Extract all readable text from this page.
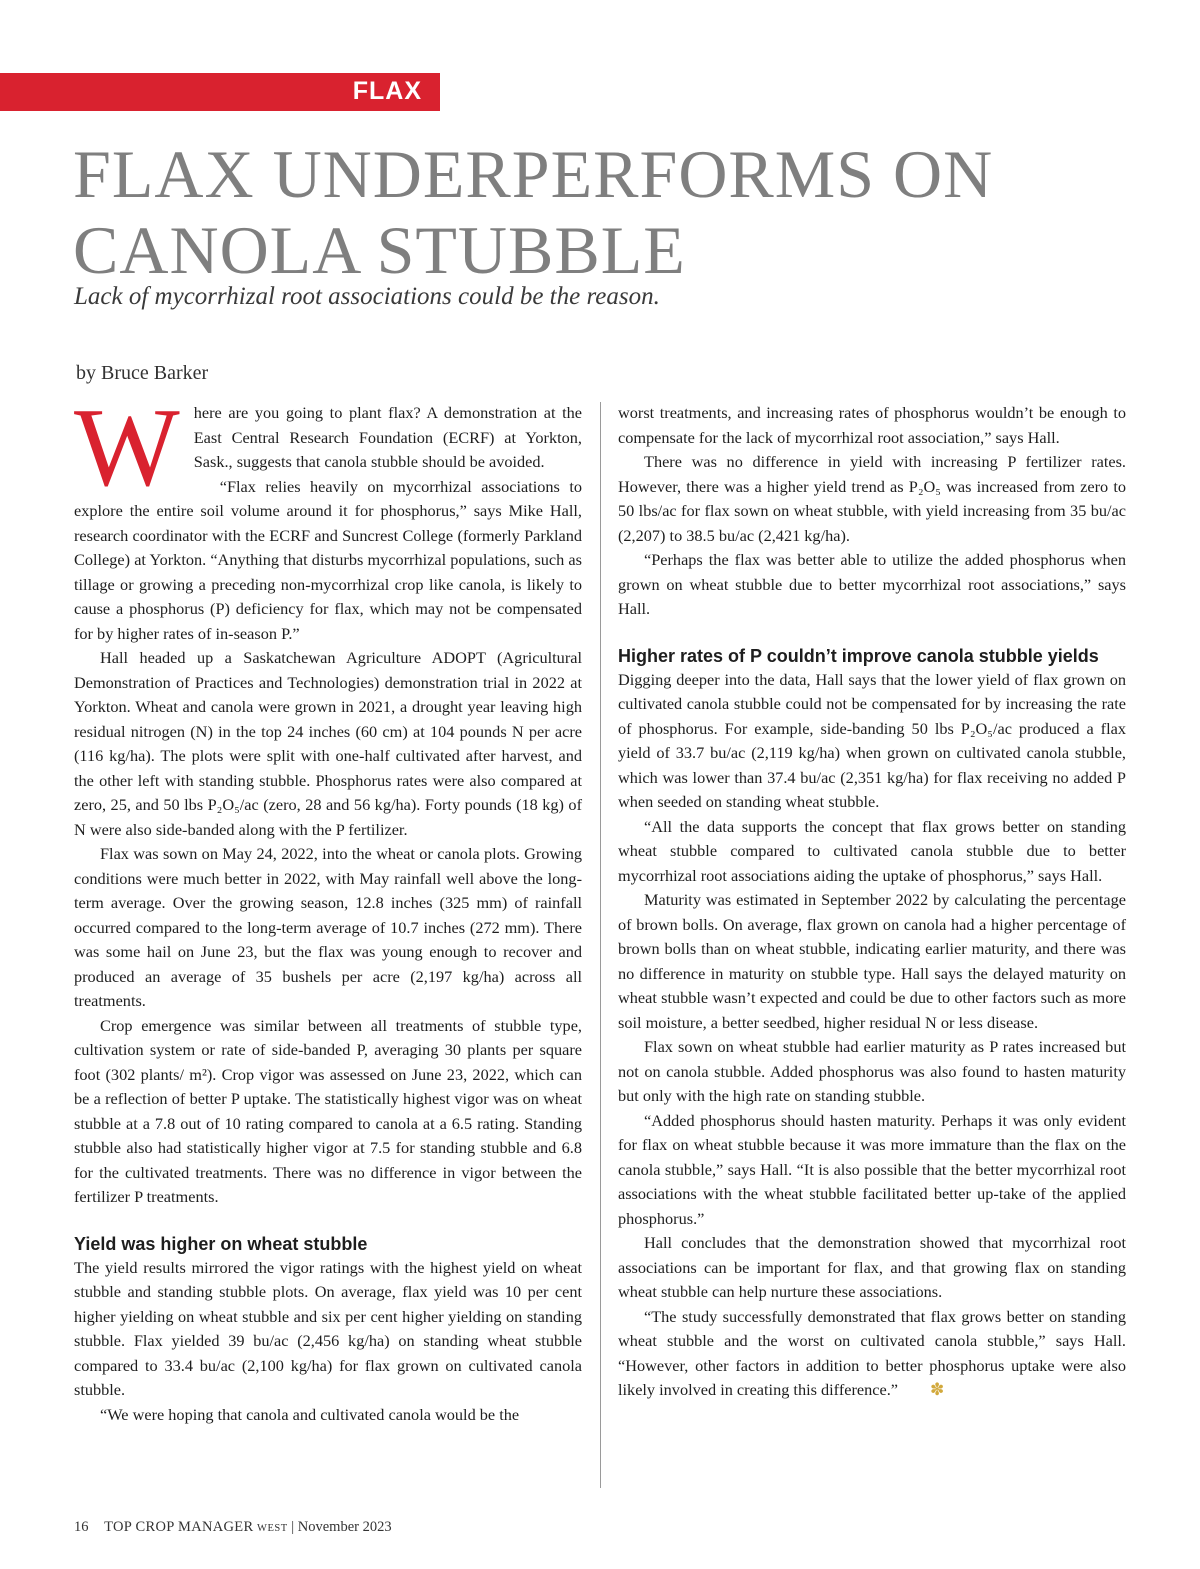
FLAX
FLAX UNDERPERFORMS ON
CANOLA STUBBLE

Lack of mycorrhizal root associations could be the reason.

by Bruce Barker

Where are you going to plant flax? A demonstration at the East Central Research Foundation (ECRF) at Yorkton, Sask., suggests that canola stubble should be avoided.

“Flax relies heavily on mycorrhizal associations to explore the entire soil volume around it for phosphorus,” says Mike Hall, research coordinator with the ECRF and Suncrest College (formerly Parkland College) at Yorkton. “Anything that disturbs mycorrhizal populations, such as tillage or growing a preceding non-mycorrhizal crop like canola, is likely to cause a phosphorus (P) deficiency for flax, which may not be compensated for by higher rates of in-season P.”

Hall headed up a Saskatchewan Agriculture ADOPT (Agricultural Demonstration of Practices and Technologies) demonstration trial in 2022 at Yorkton. Wheat and canola were grown in 2021, a drought year leaving high residual nitrogen (N) in the top 24 inches (60 cm) at 104 pounds N per acre (116 kg/ha). The plots were split with one-half cultivated after harvest, and the other left with standing stubble. Phosphorus rates were also compared at zero, 25, and 50 lbs P₂O₅/ac (zero, 28 and 56 kg/ha). Forty pounds (18 kg) of N were also side-banded along with the P fertilizer.

Flax was sown on May 24, 2022, into the wheat or canola plots. Growing conditions were much better in 2022, with May rainfall well above the long-term average. Over the growing season, 12.8 inches (325 mm) of rainfall occurred compared to the long-term average of 10.7 inches (272 mm). There was some hail on June 23, but the flax was young enough to recover and produced an average of 35 bushels per acre (2,197 kg/ha) across all treatments.

Crop emergence was similar between all treatments of stubble type, cultivation system or rate of side-banded P, averaging 30 plants per square foot (302 plants/ m²). Crop vigor was assessed on June 23, 2022, which can be a reflection of better P uptake. The statistically highest vigor was on wheat stubble at a 7.8 out of 10 rating compared to canola at a 6.5 rating. Standing stubble also had statistically higher vigor at 7.5 for standing stubble and 6.8 for the cultivated treatments. There was no difference in vigor between the fertilizer P treatments.

Yield was higher on wheat stubble

The yield results mirrored the vigor ratings with the highest yield on wheat stubble and standing stubble plots. On average, flax yield was 10 per cent higher yielding on wheat stubble and six per cent higher yielding on standing stubble. Flax yielded 39 bu/ac (2,456 kg/ha) on standing wheat stubble compared to 33.4 bu/ac (2,100 kg/ha) for flax grown on cultivated canola stubble.

“We were hoping that canola and cultivated canola would be the

worst treatments, and increasing rates of phosphorus wouldn’t be enough to compensate for the lack of mycorrhizal root association,” says Hall.

There was no difference in yield with increasing P fertilizer rates. However, there was a higher yield trend as P₂O₅ was increased from zero to 50 lbs/ac for flax sown on wheat stubble, with yield increasing from 35 bu/ac (2,207) to 38.5 bu/ac (2,421 kg/ha).

“Perhaps the flax was better able to utilize the added phosphorus when grown on wheat stubble due to better mycorrhizal root associations,” says Hall.

Higher rates of P couldn’t improve canola stubble yields

Digging deeper into the data, Hall says that the lower yield of flax grown on cultivated canola stubble could not be compensated for by increasing the rate of phosphorus. For example, side-banding 50 lbs P₂O₅/ac produced a flax yield of 33.7 bu/ac (2,119 kg/ha) when grown on cultivated canola stubble, which was lower than 37.4 bu/ac (2,351 kg/ha) for flax receiving no added P when seeded on standing wheat stubble.

“All the data supports the concept that flax grows better on standing wheat stubble compared to cultivated canola stubble due to better mycorrhizal root associations aiding the uptake of phosphorus,” says Hall.

Maturity was estimated in September 2022 by calculating the percentage of brown bolls. On average, flax grown on canola had a higher percentage of brown bolls than on wheat stubble, indicating earlier maturity, and there was no difference in maturity on stubble type. Hall says the delayed maturity on wheat stubble wasn’t expected and could be due to other factors such as more soil moisture, a better seedbed, higher residual N or less disease.

Flax sown on wheat stubble had earlier maturity as P rates increased but not on canola stubble. Added phosphorus was also found to hasten maturity but only with the high rate on standing stubble.

“Added phosphorus should hasten maturity. Perhaps it was only evident for flax on wheat stubble because it was more immature than the flax on the canola stubble,” says Hall. “It is also possible that the better mycorrhizal root associations with the wheat stubble facilitated better up-take of the applied phosphorus.”

Hall concludes that the demonstration showed that mycorrhizal root associations can be important for flax, and that growing flax on standing wheat stubble can help nurture these associations.

“The study successfully demonstrated that flax grows better on standing wheat stubble and the worst on cultivated canola stubble,” says Hall. “However, other factors in addition to better phosphorus uptake were also likely involved in creating this difference.” ✽

16 TOP CROP MANAGER WEST | November 2023
